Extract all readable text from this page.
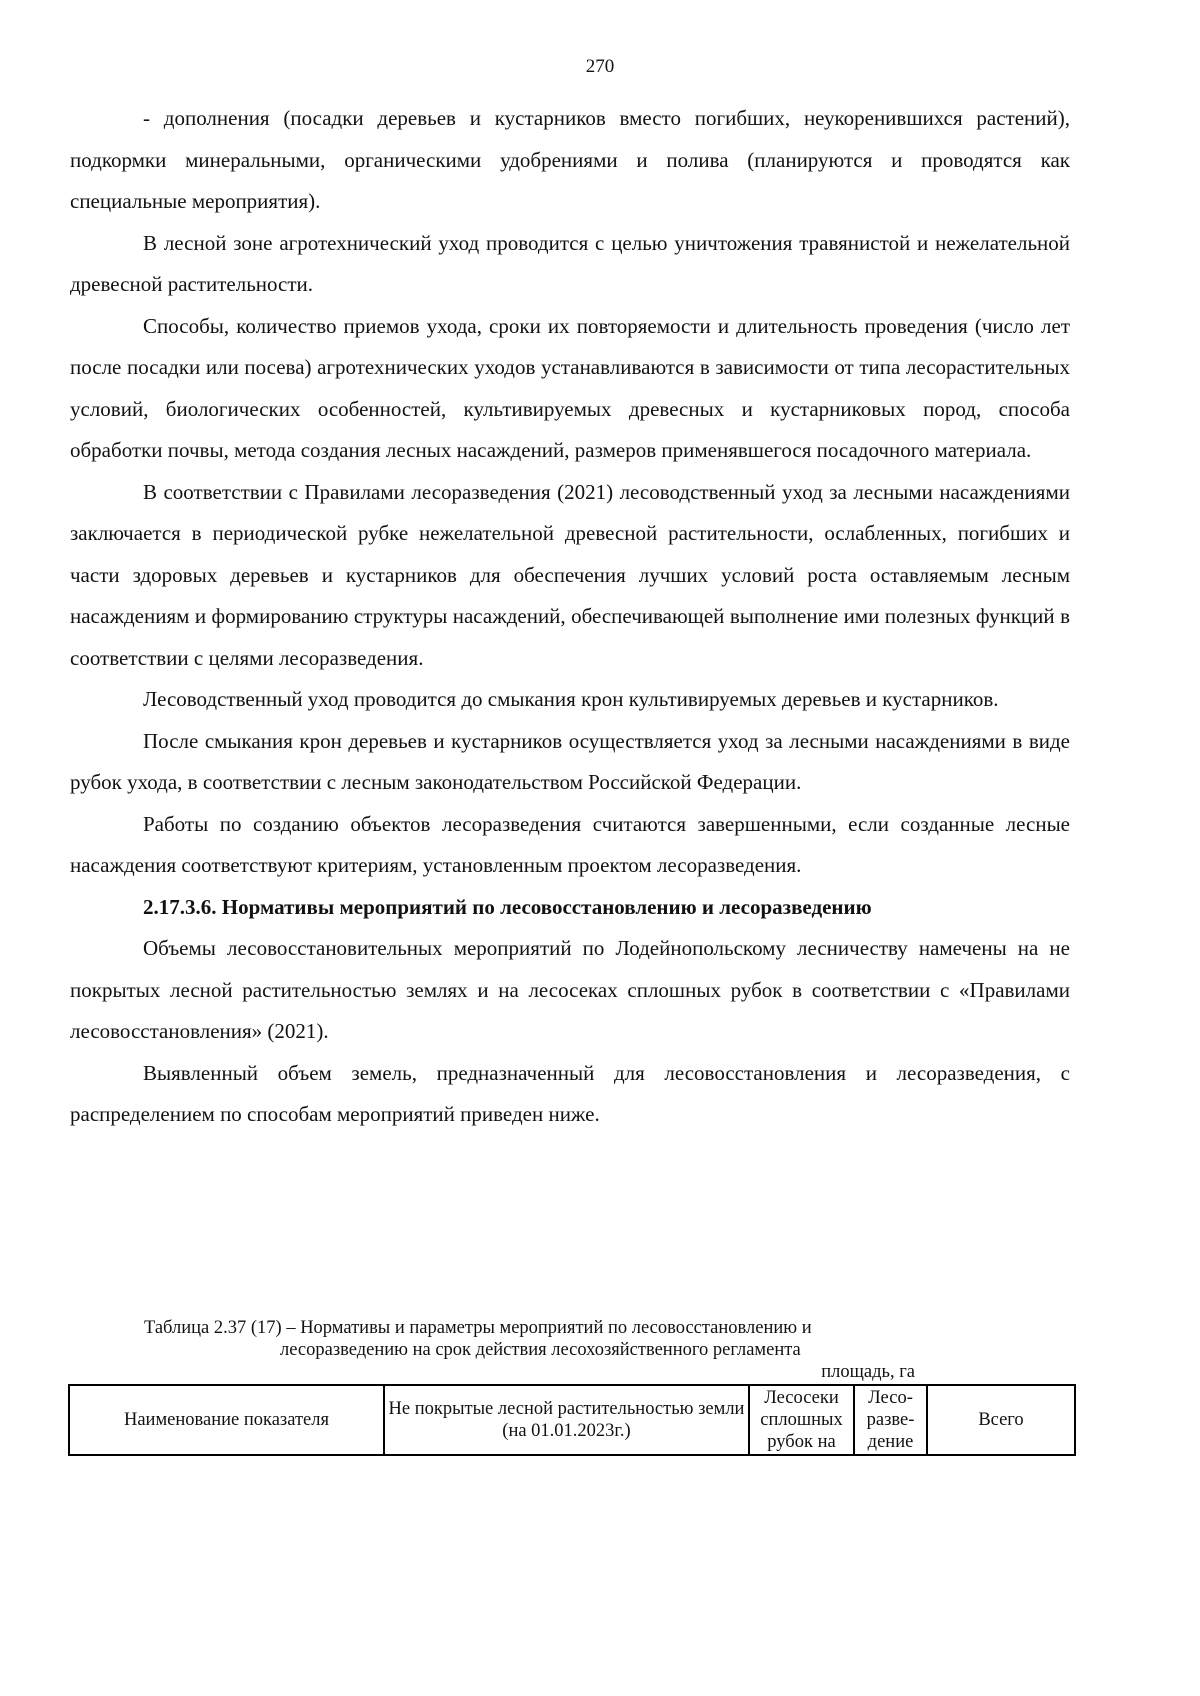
270

- дополнения (посадки деревьев и кустарников вместо погибших, неукоренившихся растений), подкормки минеральными, органическими удобрениями и полива (планируются и проводятся как специальные мероприятия).

В лесной зоне агротехнический уход проводится с целью уничтожения травянистой и нежелательной древесной растительности.

Способы, количество приемов ухода, сроки их повторяемости и длительность проведения (число лет после посадки или посева) агротехнических уходов устанавливаются в зависимости от типа лесорастительных условий, биологических особенностей, культивируемых древесных и кустарниковых пород, способа обработки почвы, метода создания лесных насаждений, размеров применявшегося посадочного материала.

В соответствии с Правилами лесоразведения (2021) лесоводственный уход за лесными насаждениями заключается в периодической рубке нежелательной древесной растительности, ослабленных, погибших и части здоровых деревьев и кустарников для обеспечения лучших условий роста оставляемым лесным насаждениям и формированию структуры насаждений, обеспечивающей выполнение ими полезных функций в соответствии с целями лесоразведения.

Лесоводственный уход проводится до смыкания крон культивируемых деревьев и кустарников.

После смыкания крон деревьев и кустарников осуществляется уход за лесными насаждениями в виде рубок ухода, в соответствии с лесным законодательством Российской Федерации.

Работы по созданию объектов лесоразведения считаются завершенными, если созданные лесные насаждения соответствуют критериям, установленным проектом лесоразведения.

2.17.3.6. Нормативы мероприятий по лесовосстановлению и лесоразведению

Объемы лесовосстановительных мероприятий по Лодейнопольскому лесничеству намечены на не покрытых лесной растительностью землях и на лесосеках сплошных рубок в соответствии с «Правилами лесовосстановления» (2021).

Выявленный объем земель, предназначенный для лесовосстановления и лесоразведения, с распределением по способам мероприятий приведен ниже.

Таблица 2.37 (17) – Нормативы и параметры мероприятий по лесовосстановлению и
лесоразведению на срок действия лесохозяйственного регламента
площадь, га
Наименование показателя	Не покрытые лесной растительностью земли (на 01.01.2023г.)	Лесосеки сплошных рубок на	Лесо-разве-дение	Всего
